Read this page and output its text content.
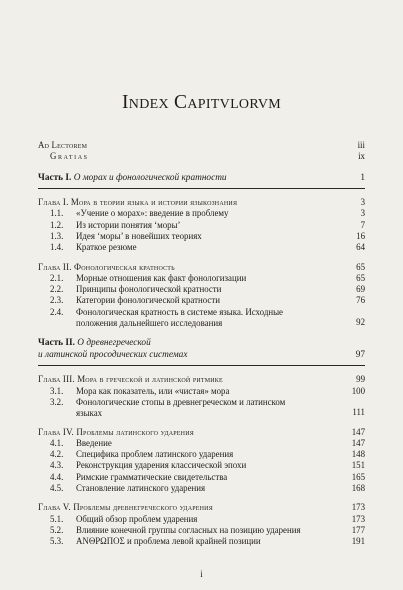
Index Capitvlorvm
Ad Lectorem	iii
Gratias	ix
Часть I. О морах и фонологической кратности	1
Глава I. Мора в теории языка и истории языкознания	3
1.1. «Учение о морах»: введение в проблему	3
1.2. Из истории понятия ‘моры’	7
1.3. Идея ‘моры’ в новейших теориях	16
1.4. Краткое резюме	64
Глава II. Фонологическая кратность	65
2.1. Морные отношения как факт фонологизации	65
2.2. Принципы фонологической кратности	69
2.3. Категории фонологической кратности	76
2.4. Фонологическая кратность в системе языка. Исходные
положения дальнейшего исследования	92
Часть II. О древнегреческой
и латинской просодических системах	97
Глава III. Мора в греческой и латинской ритмике	99
3.1. Мора как показатель, или «чистая» мора	100
3.2. Фонологические стопы в древнегреческом и латинском
языках	111
Глава IV. Проблемы латинского ударения	147
4.1. Введение	147
4.2. Специфика проблем латинского ударения	148
4.3. Реконструкция ударения классической эпохи	151
4.4. Римские грамматические свидетельства	165
4.5. Становление латинского ударения	168
Глава V. Проблемы древнегреческого ударения	173
5.1. Общий обзор проблем ударения	173
5.2. Влияние конечной группы согласных на позицию ударения	177
5.3. ΑΝΘΡΩΠΟΣ и проблема левой крайней позиции	191
i
